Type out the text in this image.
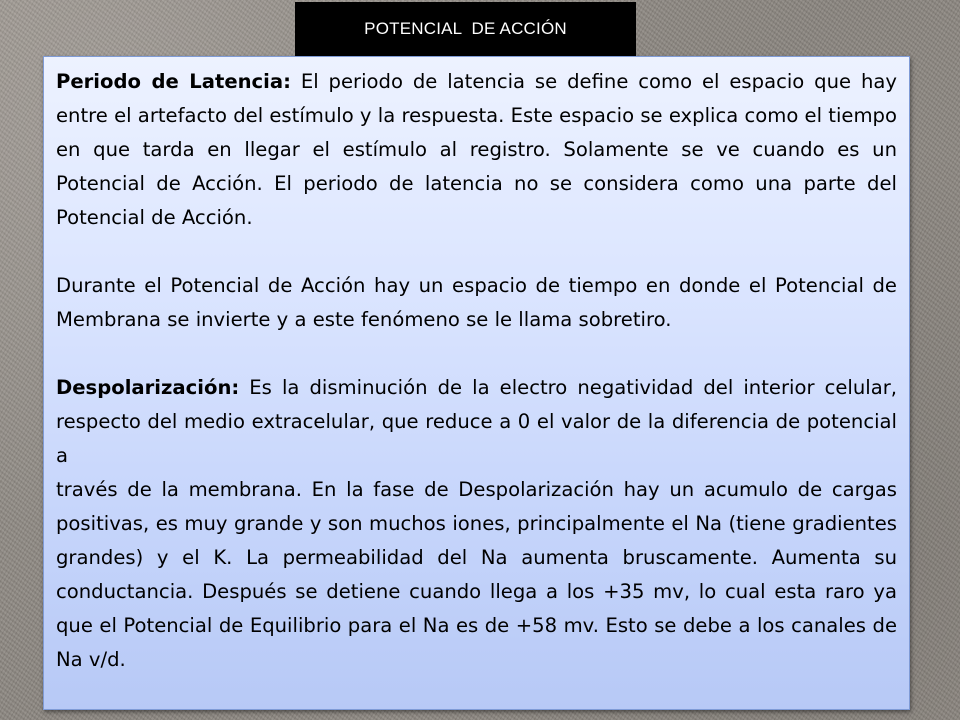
POTENCIAL  DE ACCIÓN

Periodo de Latencia: El periodo de latencia se define como el espacio que hay entre el artefacto del estímulo y la respuesta. Este espacio se explica como el tiempo en que tarda en llegar el estímulo al registro. Solamente se ve cuando es un Potencial de Acción. El periodo de latencia no se considera como una parte del Potencial de Acción.

Durante el Potencial de Acción hay un espacio de tiempo en donde el Potencial de Membrana se invierte y a este fenómeno se le llama sobretiro.

Despolarización: Es la disminución de la electro negatividad del interior celular, respecto del medio extracelular, que reduce a 0 el valor de la diferencia de potencial a

través de la membrana. En la fase de Despolarización hay un acumulo de cargas positivas, es muy grande y son muchos iones, principalmente el Na (tiene gradientes grandes) y el K. La permeabilidad del Na aumenta bruscamente. Aumenta su conductancia. Después se detiene cuando llega a los +35 mv, lo cual esta raro ya que el Potencial de Equilibrio para el Na es de +58 mv. Esto se debe a los canales de Na v/d.
